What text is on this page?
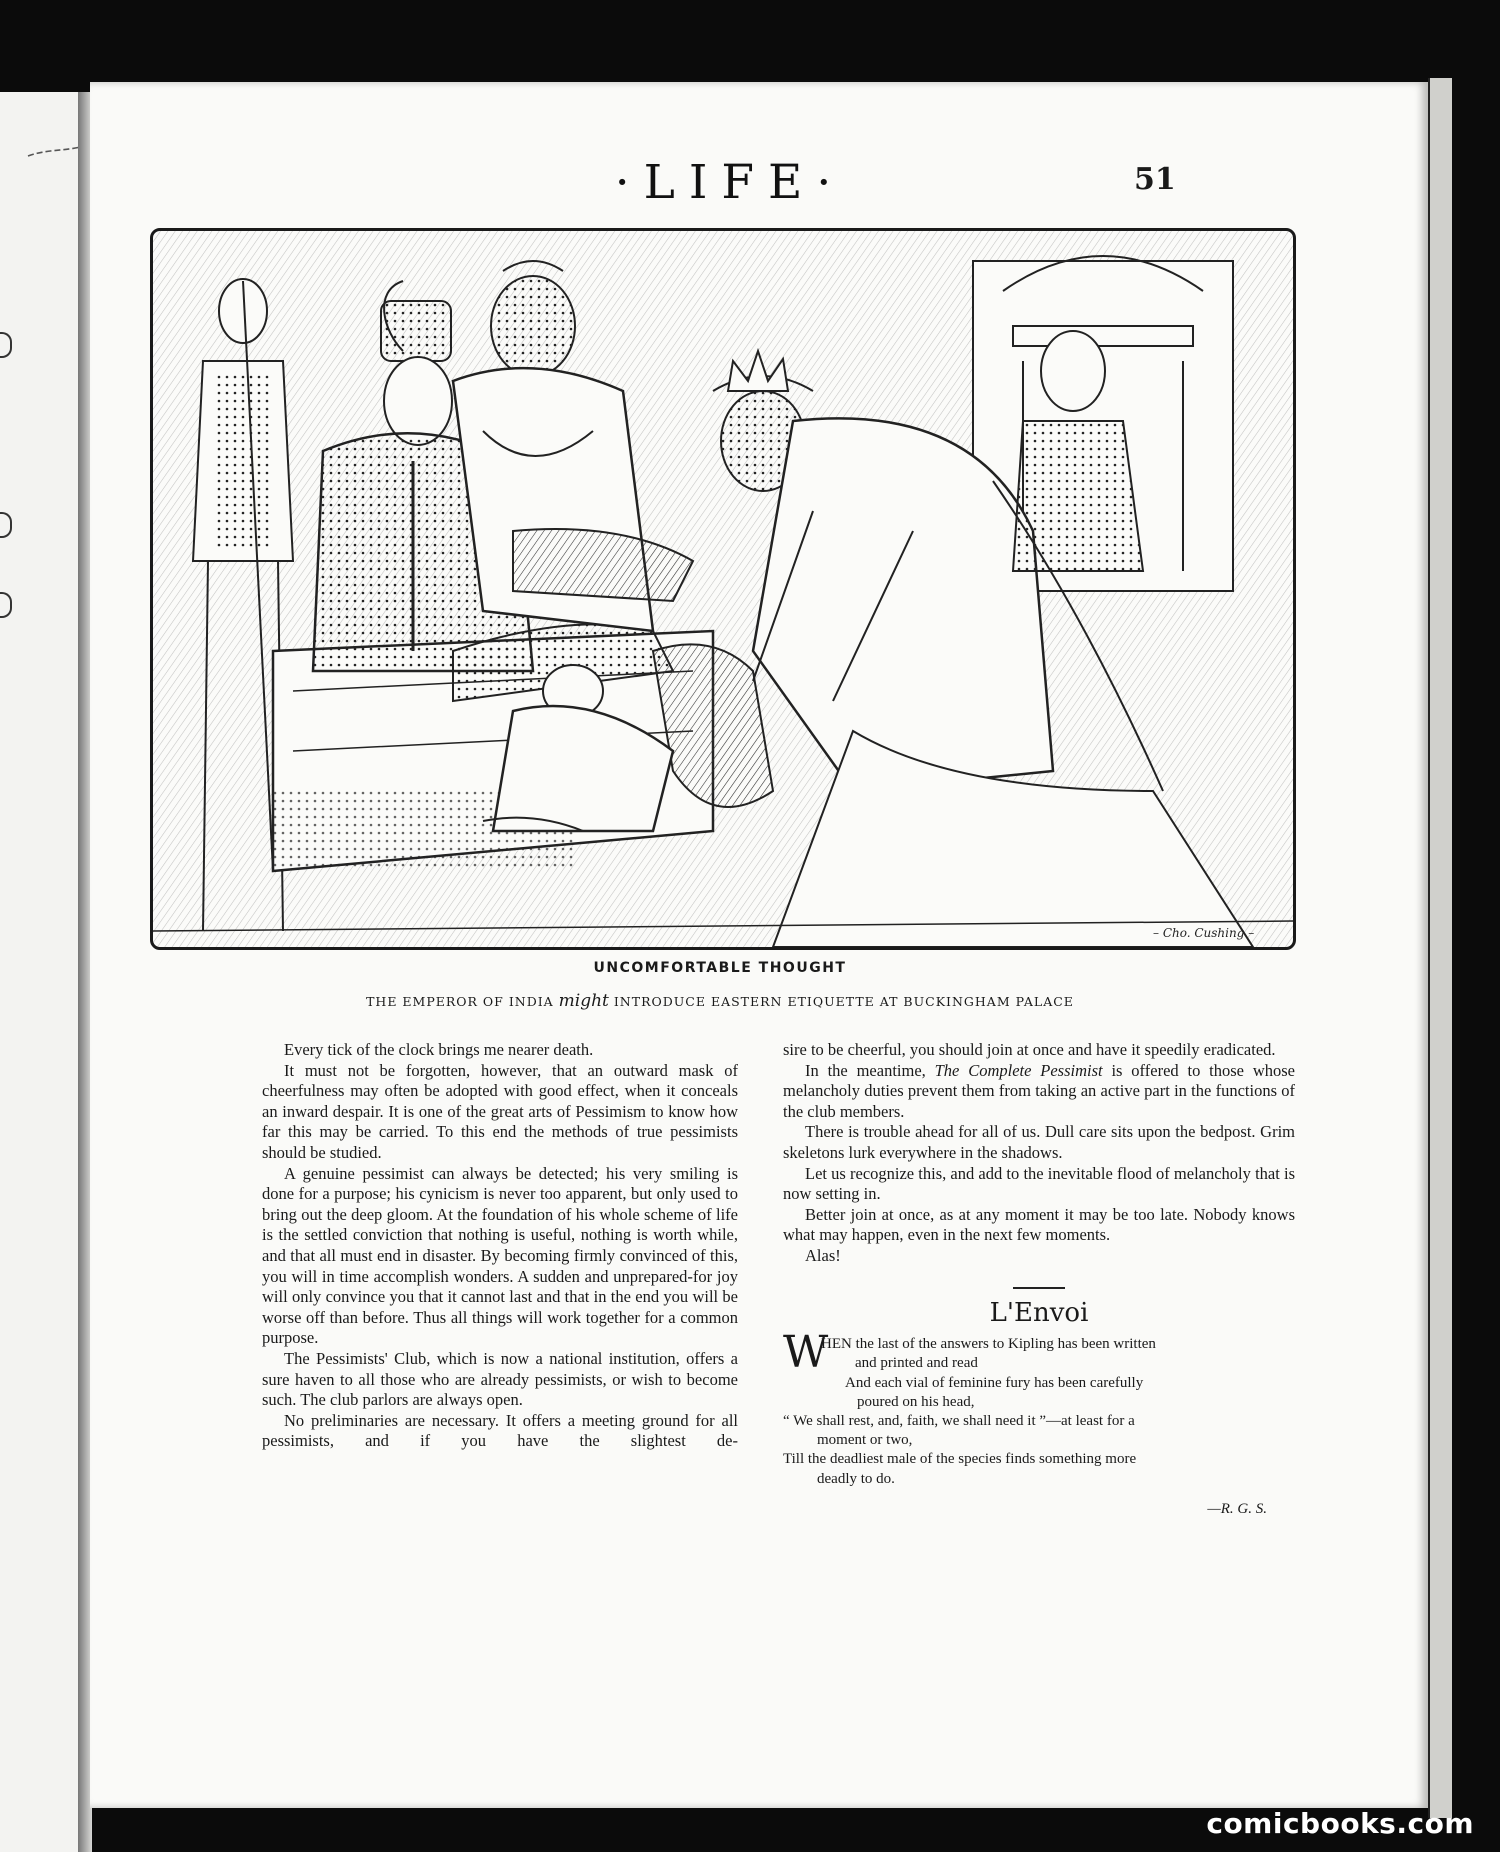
·LIFE·	51
– Cho. Cushing –
UNCOMFORTABLE THOUGHT
THE EMPEROR OF INDIA might INTRODUCE EASTERN ETIQUETTE AT BUCKINGHAM PALACE

Every tick of the clock brings me nearer death.

It must not be forgotten, however, that an outward mask of cheerfulness may often be adopted with good effect, when it conceals an inward despair. It is one of the great arts of Pessimism to know how far this may be carried. To this end the methods of true pessimists should be studied.

A genuine pessimist can always be detected; his very smiling is done for a purpose; his cynicism is never too apparent, but only used to bring out the deep gloom. At the foundation of his whole scheme of life is the settled conviction that nothing is useful, nothing is worth while, and that all must end in disaster. By becoming firmly convinced of this, you will in time accomplish wonders. A sudden and unprepared-for joy will only convince you that it cannot last and that in the end you will be worse off than before. Thus all things will work together for a common purpose.

The Pessimists' Club, which is now a national institution, offers a sure haven to all those who are already pessimists, or wish to become such. The club parlors are always open.

No preliminaries are necessary. It offers a meeting ground for all pessimists, and if you have the slightest de-

sire to be cheerful, you should join at once and have it speedily eradicated.

In the meantime, The Complete Pessimist is offered to those whose melancholy duties prevent them from taking an active part in the functions of the club members.

There is trouble ahead for all of us. Dull care sits upon the bedpost. Grim skeletons lurk everywhere in the shadows.

Let us recognize this, and add to the inevitable flood of melancholy that is now setting in.

Better join at once, as at any moment it may be too late. Nobody knows what may happen, even in the next few moments.

Alas!

L'Envoi
W
HEN the last of the answers to Kipling has been written
and printed and read
And each vial of feminine fury has been carefully
poured on his head,
“ We shall rest, and, faith, we shall need it ”—at least for a
moment or two,
Till the deadliest male of the species finds something more
deadly to do.
—R. G. S.
comicbooks.com
